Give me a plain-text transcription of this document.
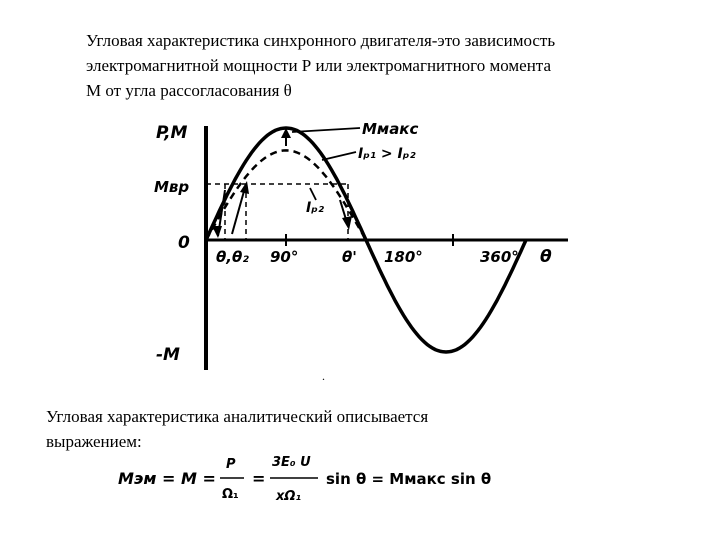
Угловая характеристика синхронного двигателя-это зависимость
электромагнитной мощности Р или электромагнитного момента
М от угла рассогласования θ
P,M
Mвр
0
-M
θ,θ₂ 90°	θ' 180°	360° θ
Mмакс
Iₚ₁ > Iₚ₂
Iₚ₂
.
Угловая характеристика аналитический описывается
выражением:
Mэм = M =
P
Ω₁
=
3E₀ U
xΩ₁
sin θ = Mмакс sin θ
